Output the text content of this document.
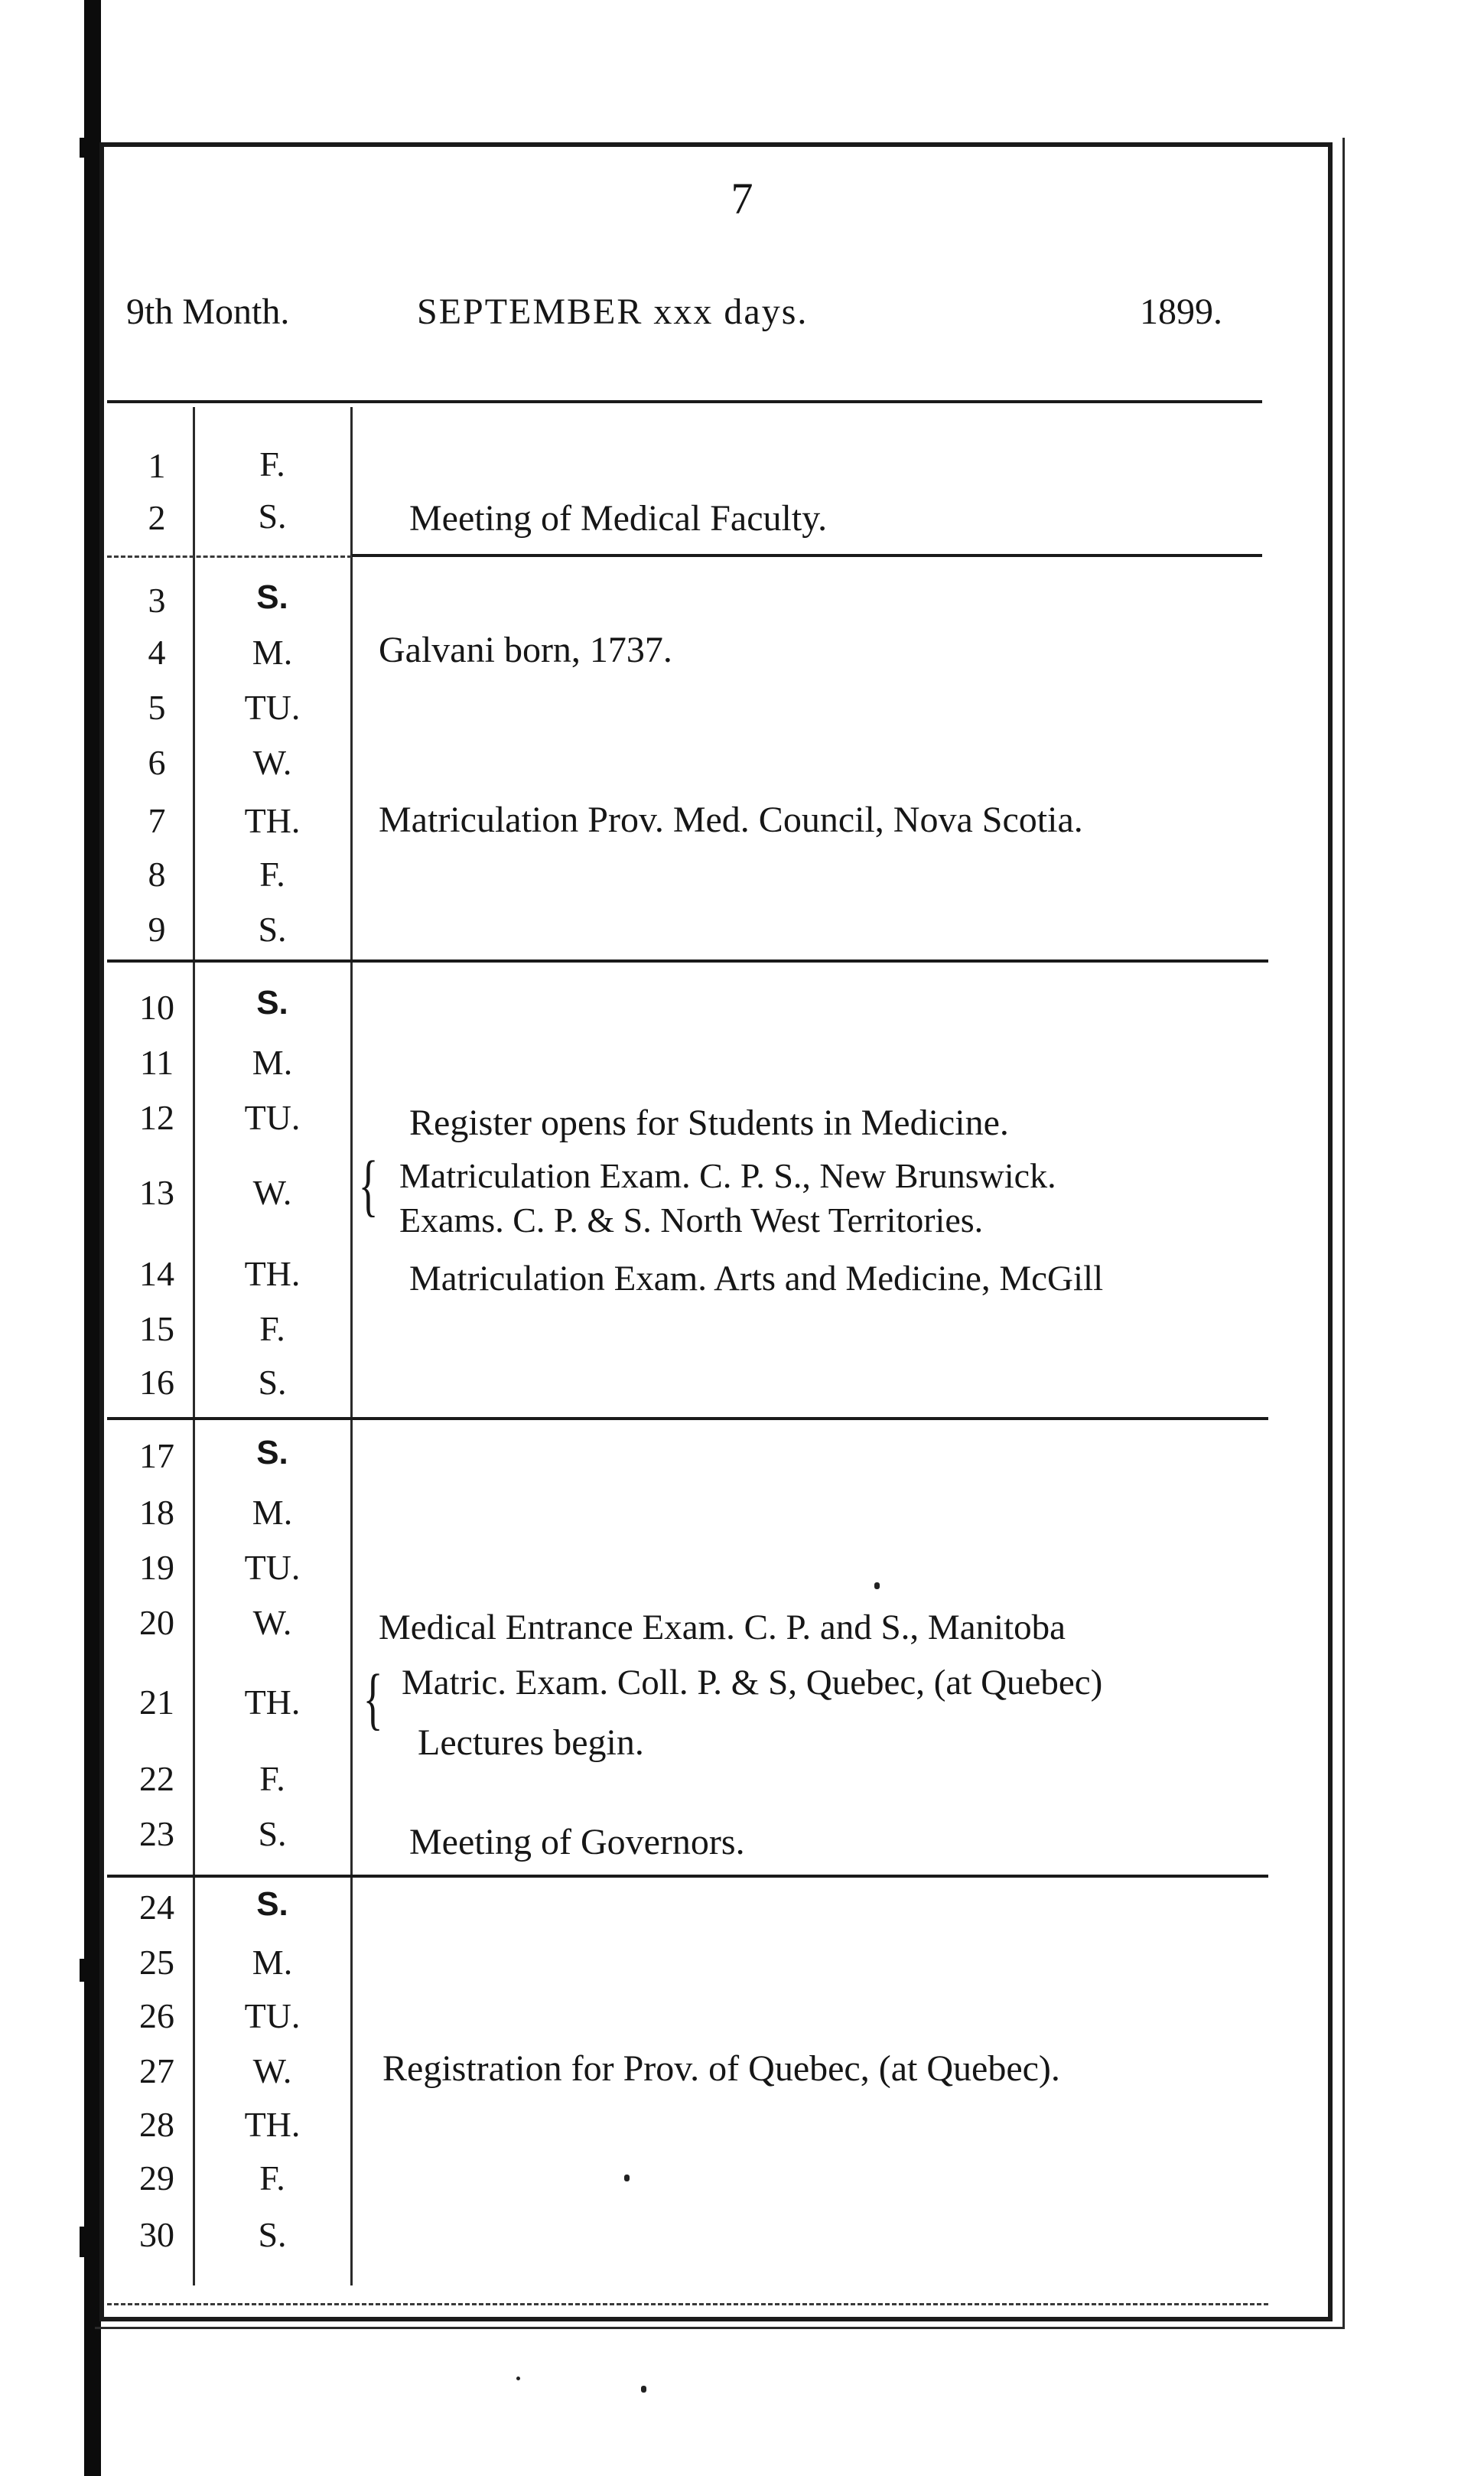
7
9th Month.	SEPTEMBER xxx days.	1899.
1
2
3
4
5
6
7
8
9
10
11
12
13
14
15
16
17
18
19
20
21
22
23
24
25
26
27
28
29
30
F.
S.
S.
M.
TU.
W.
TH.
F.
S.
S.
M.
TU.
W.
TH.
F.
S.
S.
M.
TU.
W.
TH.
F.
S.
S.
M.
TU.
W.
TH.
F.
S.
Meeting of Medical Faculty.
Galvani born, 1737.
Matriculation Prov. Med. Council, Nova Scotia.
Register opens for Students in Medicine.
{ Matriculation Exam. C. P. S., New Brunswick.
Exams. C. P. & S. North West Territories.
Matriculation Exam. Arts and Medicine, McGill
Medical Entrance Exam. C. P. and S., Manitoba
{ Matric. Exam. Coll. P. & S, Quebec, (at Quebec)
Lectures begin.
Meeting of Governors.
Registration for Prov. of Quebec, (at Quebec).
